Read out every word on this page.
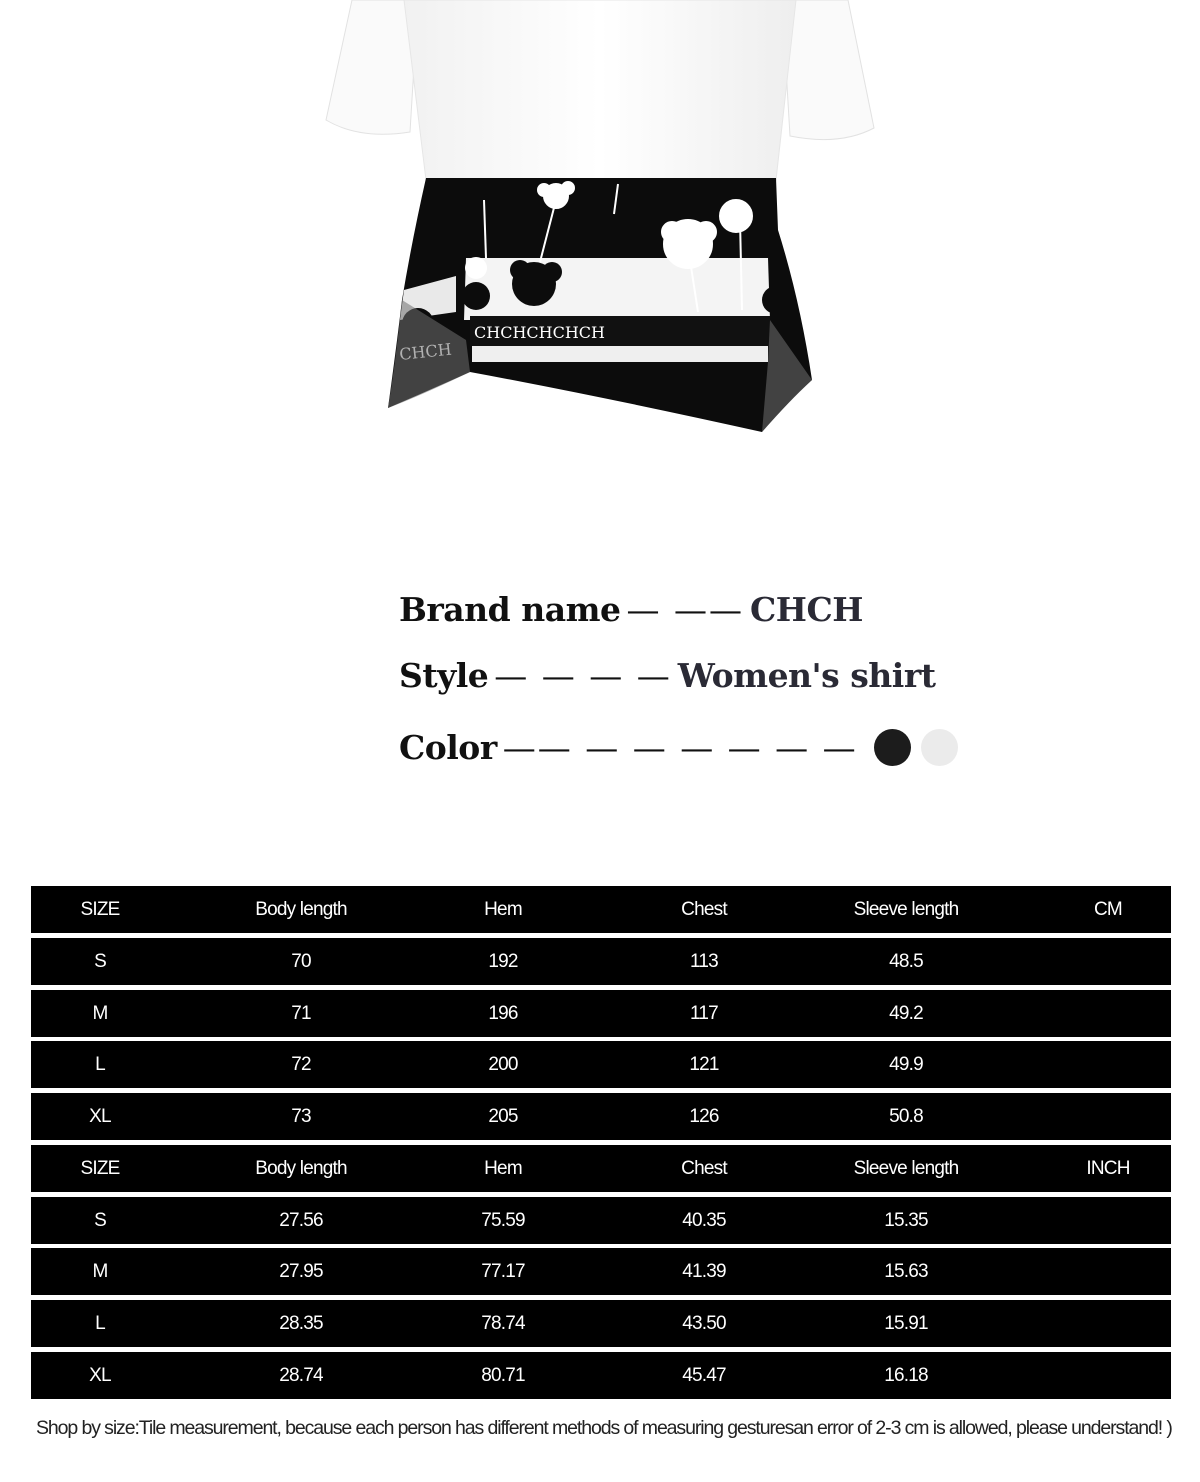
CHCHCHCHCH
Brand name — —— CHCH
Style — — — — Women's shirt
Color —— — — — — — —
SIZE	Body length	Hem	Chest	Sleeve length	CM
S	70	192	113	48.5
M	71	196	117	49.2
L	72	200	121	49.9
XL	73	205	126	50.8
SIZE	Body length	Hem	Chest	Sleeve length	INCH
S	27.56	75.59	40.35	15.35
M	27.95	77.17	41.39	15.63
L	28.35	78.74	43.50	15.91
XL	28.74	80.71	45.47	16.18
Shop by size:Tile measurement, because each person has different methods of measuring gesturesan error of 2-3 cm is allowed, please understand! )
